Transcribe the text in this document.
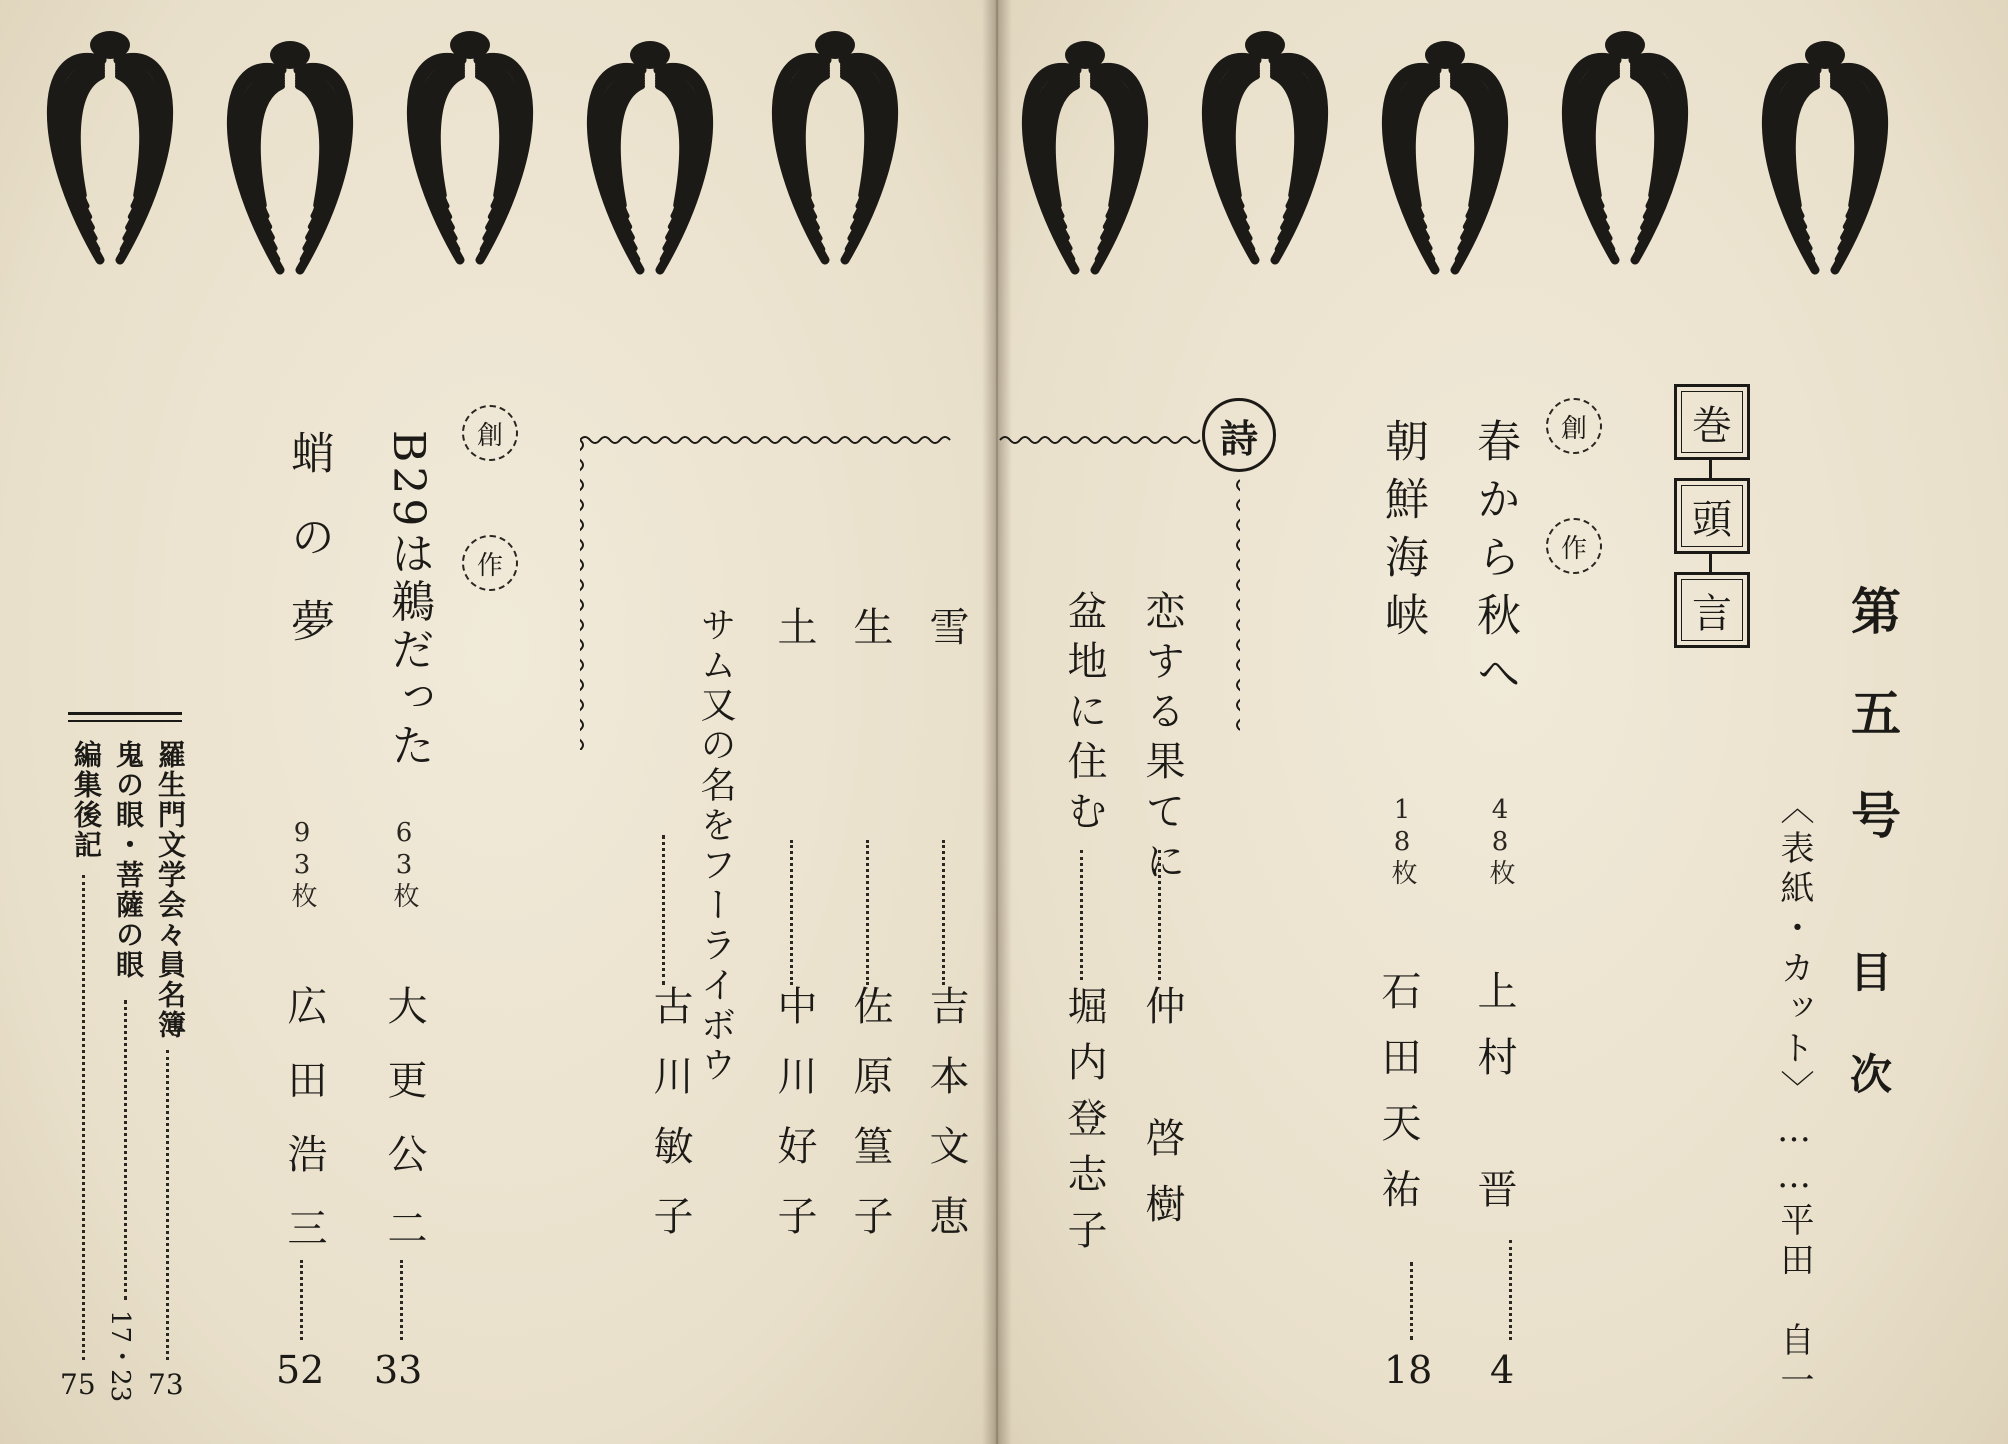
第五号
目次
〈表紙・カット〉……平田　自一
巻
頭
言
創
作
春から秋へ
48枚
上村　晋
4
朝鮮海峡
18枚
石田天祐
18
詩
恋する果てに
仲　啓樹
盆地に住む
堀内登志子
雪
吉本文恵
生
佐原篁子
土
中川好子
サム又の名をフーライボウ
古川敏子
創
作
B29は鵜だった
63枚
大更公二
33
蛸の夢
93枚
広田浩三
52
羅生門文学会々員名簿
73
鬼の眼・菩薩の眼
17・23
編集後記
75
